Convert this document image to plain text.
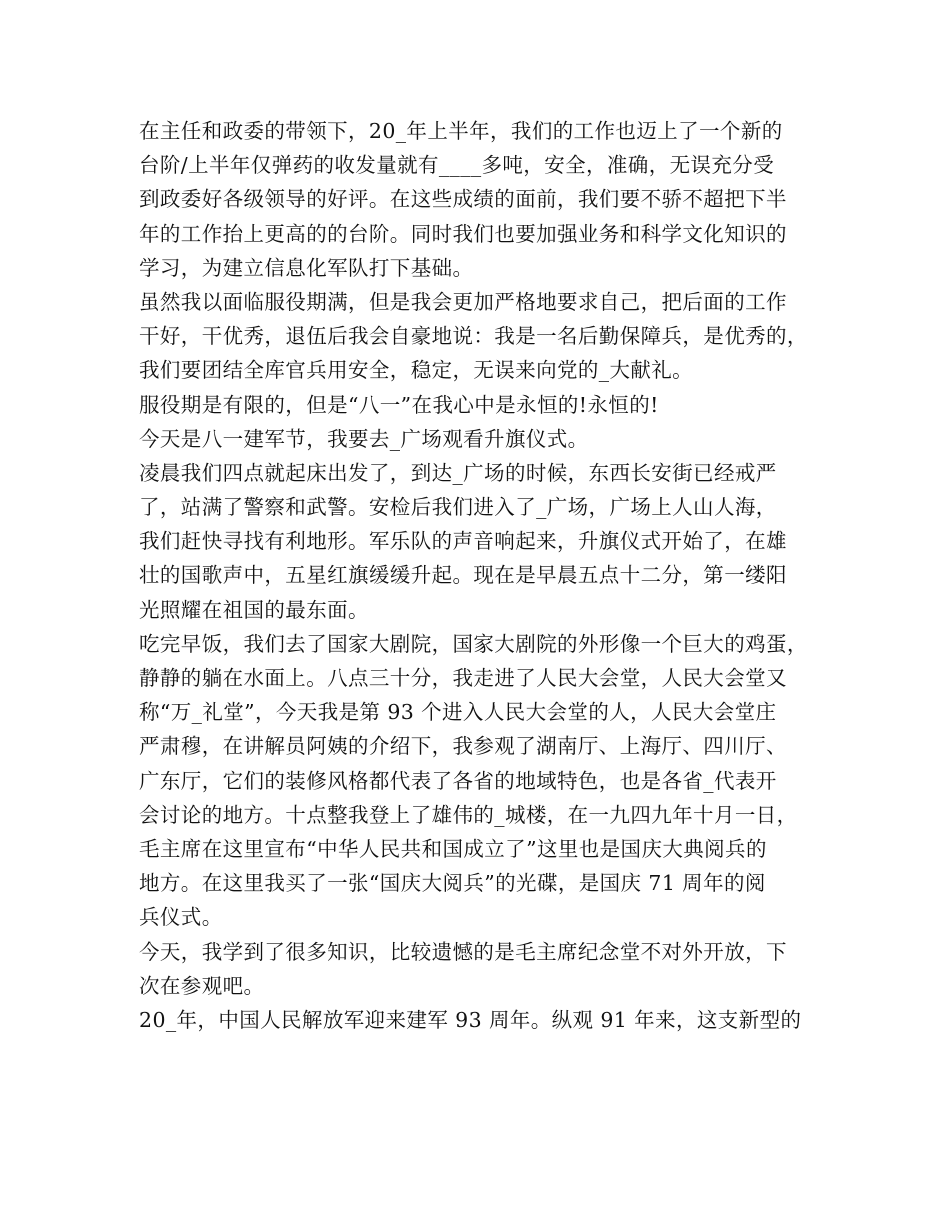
在主任和政委的带领下，20_年上半年，我们的工作也迈上了一个新的
台阶/上半年仅弹药的收发量就有____多吨，安全，准确，无误充分受
到政委好各级领导的好评。在这些成绩的面前，我们要不骄不超把下半
年的工作抬上更高的的台阶。同时我们也要加强业务和科学文化知识的
学习，为建立信息化军队打下基础。
虽然我以面临服役期满，但是我会更加严格地要求自己，把后面的工作
干好，干优秀，退伍后我会自豪地说：我是一名后勤保障兵，是优秀的，
我们要团结全库官兵用安全，稳定，无误来向党的_大献礼。
服役期是有限的，但是“八一”在我心中是永恒的!永恒的!
今天是八一建军节，我要去_广场观看升旗仪式。
凌晨我们四点就起床出发了，到达_广场的时候，东西长安街已经戒严
了，站满了警察和武警。安检后我们进入了_广场，广场上人山人海，
我们赶快寻找有利地形。军乐队的声音响起来，升旗仪式开始了，在雄
壮的国歌声中，五星红旗缓缓升起。现在是早晨五点十二分，第一缕阳
光照耀在祖国的最东面。
吃完早饭，我们去了国家大剧院，国家大剧院的外形像一个巨大的鸡蛋，
静静的躺在水面上。八点三十分，我走进了人民大会堂，人民大会堂又
称“万_礼堂”，今天我是第 93 个进入人民大会堂的人，人民大会堂庄
严肃穆，在讲解员阿姨的介绍下，我参观了湖南厅、上海厅、四川厅、
广东厅，它们的装修风格都代表了各省的地域特色，也是各省_代表开
会讨论的地方。十点整我登上了雄伟的_城楼，在一九四九年十月一日，
毛主席在这里宣布“中华人民共和国成立了”这里也是国庆大典阅兵的
地方。在这里我买了一张“国庆大阅兵”的光碟，是国庆 71 周年的阅
兵仪式。
今天，我学到了很多知识，比较遗憾的是毛主席纪念堂不对外开放，下
次在参观吧。
20_年，中国人民解放军迎来建军 93 周年。纵观 91 年来，这支新型的
